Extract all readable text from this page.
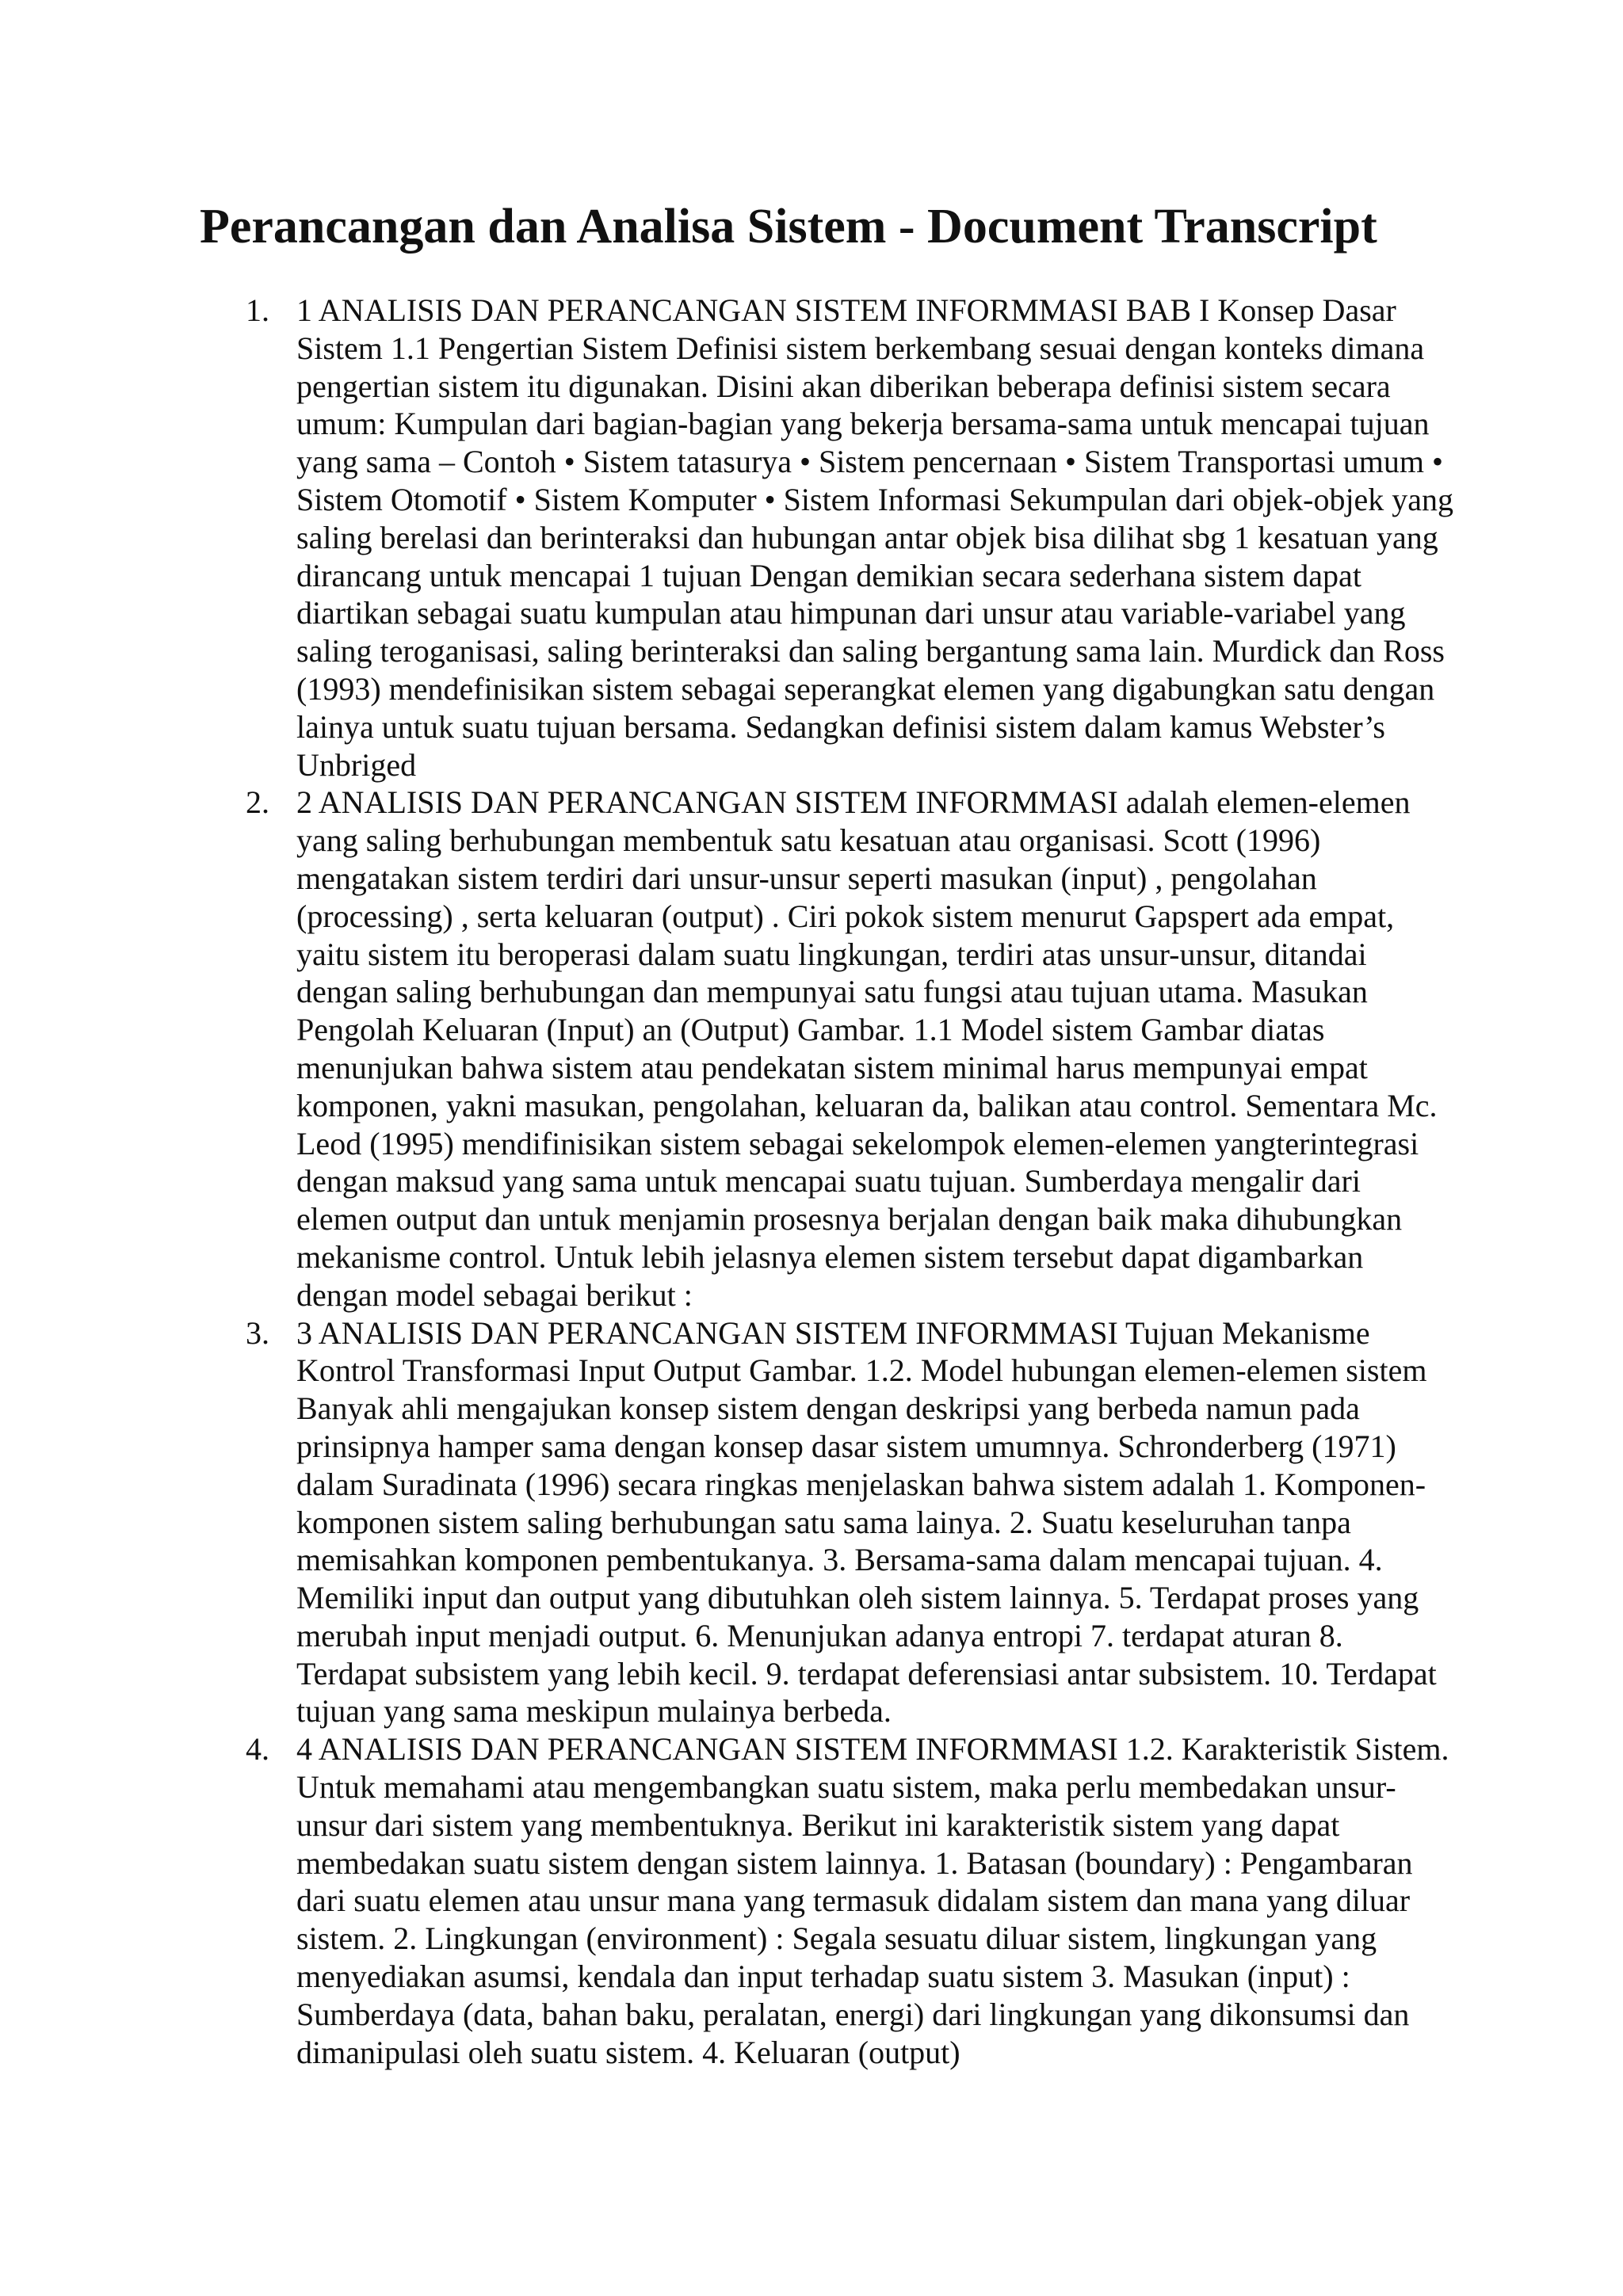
Perancangan dan Analisa Sistem - Document Transcript
1. 1 ANALISIS DAN PERANCANGAN SISTEM INFORMMASI BAB I Konsep Dasar Sistem 1.1 Pengertian Sistem Definisi sistem berkembang sesuai dengan konteks dimana pengertian sistem itu digunakan. Disini akan diberikan beberapa definisi sistem secara umum: Kumpulan dari bagian-bagian yang bekerja bersama-sama untuk mencapai tujuan yang sama – Contoh • Sistem tatasurya • Sistem pencernaan • Sistem Transportasi umum • Sistem Otomotif • Sistem Komputer • Sistem Informasi Sekumpulan dari objek-objek yang saling berelasi dan berinteraksi dan hubungan antar objek bisa dilihat sbg 1 kesatuan yang dirancang untuk mencapai 1 tujuan Dengan demikian secara sederhana sistem dapat diartikan sebagai suatu kumpulan atau himpunan dari unsur atau variable-variabel yang saling teroganisasi, saling berinteraksi dan saling bergantung sama lain. Murdick dan Ross (1993) mendefinisikan sistem sebagai seperangkat elemen yang digabungkan satu dengan lainya untuk suatu tujuan bersama. Sedangkan definisi sistem dalam kamus Webster’s Unbriged
2. 2 ANALISIS DAN PERANCANGAN SISTEM INFORMMASI adalah elemen-elemen yang saling berhubungan membentuk satu kesatuan atau organisasi. Scott (1996) mengatakan sistem terdiri dari unsur-unsur seperti masukan (input) , pengolahan (processing) , serta keluaran (output) . Ciri pokok sistem menurut Gapspert ada empat, yaitu sistem itu beroperasi dalam suatu lingkungan, terdiri atas unsur-unsur, ditandai dengan saling berhubungan dan mempunyai satu fungsi atau tujuan utama. Masukan Pengolah Keluaran (Input) an (Output) Gambar. 1.1 Model sistem Gambar diatas menunjukan bahwa sistem atau pendekatan sistem minimal harus mempunyai empat komponen, yakni masukan, pengolahan, keluaran da, balikan atau control. Sementara Mc. Leod (1995) mendifinisikan sistem sebagai sekelompok elemen-elemen yangterintegrasi dengan maksud yang sama untuk mencapai suatu tujuan. Sumberdaya mengalir dari elemen output dan untuk menjamin prosesnya berjalan dengan baik maka dihubungkan mekanisme control. Untuk lebih jelasnya elemen sistem tersebut dapat digambarkan dengan model sebagai berikut :
3. 3 ANALISIS DAN PERANCANGAN SISTEM INFORMMASI Tujuan Mekanisme Kontrol Transformasi Input Output Gambar. 1.2. Model hubungan elemen-elemen sistem Banyak ahli mengajukan konsep sistem dengan deskripsi yang berbeda namun pada prinsipnya hamper sama dengan konsep dasar sistem umumnya. Schronderberg (1971) dalam Suradinata (1996) secara ringkas menjelaskan bahwa sistem adalah 1. Komponen-komponen sistem saling berhubungan satu sama lainya. 2. Suatu keseluruhan tanpa memisahkan komponen pembentukanya. 3. Bersama-sama dalam mencapai tujuan. 4. Memiliki input dan output yang dibutuhkan oleh sistem lainnya. 5. Terdapat proses yang merubah input menjadi output. 6. Menunjukan adanya entropi 7. terdapat aturan 8. Terdapat subsistem yang lebih kecil. 9. terdapat deferensiasi antar subsistem. 10. Terdapat tujuan yang sama meskipun mulainya berbeda.
4. 4 ANALISIS DAN PERANCANGAN SISTEM INFORMMASI 1.2. Karakteristik Sistem. Untuk memahami atau mengembangkan suatu sistem, maka perlu membedakan unsur-unsur dari sistem yang membentuknya. Berikut ini karakteristik sistem yang dapat membedakan suatu sistem dengan sistem lainnya. 1. Batasan (boundary) : Pengambaran dari suatu elemen atau unsur mana yang termasuk didalam sistem dan mana yang diluar sistem. 2. Lingkungan (environment) : Segala sesuatu diluar sistem, lingkungan yang menyediakan asumsi, kendala dan input terhadap suatu sistem 3. Masukan (input) : Sumberdaya (data, bahan baku, peralatan, energi) dari lingkungan yang dikonsumsi dan dimanipulasi oleh suatu sistem. 4. Keluaran (output)
